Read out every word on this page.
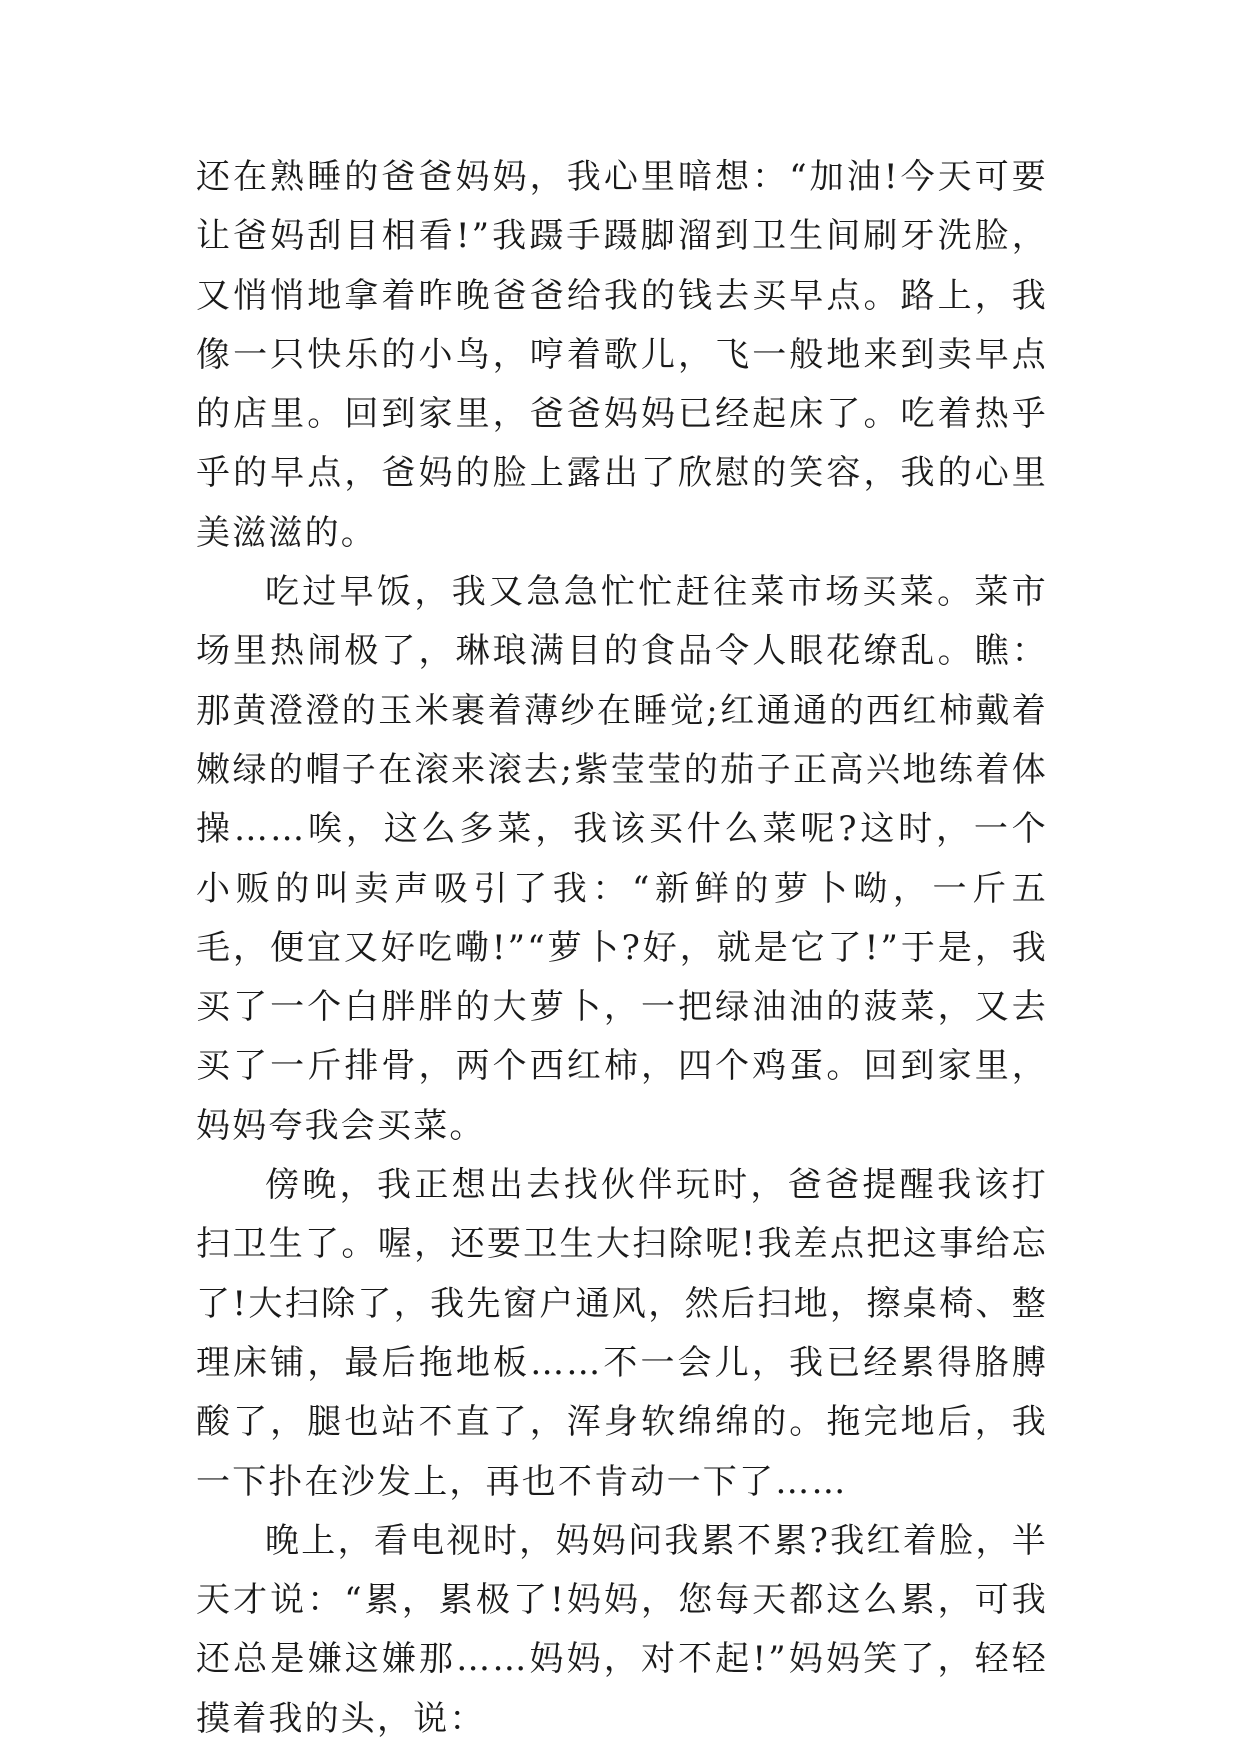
还在熟睡的爸爸妈妈，我心里暗想：“加油!今天可要让爸妈刮目相看!”我蹑手蹑脚溜到卫生间刷牙洗脸，又悄悄地拿着昨晚爸爸给我的钱去买早点。路上，我像一只快乐的小鸟，哼着歌儿，飞一般地来到卖早点的店里。回到家里，爸爸妈妈已经起床了。吃着热乎乎的早点，爸妈的脸上露出了欣慰的笑容，我的心里美滋滋的。

吃过早饭，我又急急忙忙赶往菜市场买菜。菜市场里热闹极了，琳琅满目的食品令人眼花缭乱。瞧：那黄澄澄的玉米裹着薄纱在睡觉;红通通的西红柿戴着嫩绿的帽子在滚来滚去;紫莹莹的茄子正高兴地练着体操……唉，这么多菜，我该买什么菜呢?这时，一个小贩的叫卖声吸引了我：“新鲜的萝卜呦，一斤五毛，便宜又好吃嘞!”“萝卜?好，就是它了!”于是，我买了一个白胖胖的大萝卜，一把绿油油的菠菜，又去买了一斤排骨，两个西红柿，四个鸡蛋。回到家里，妈妈夸我会买菜。

傍晚，我正想出去找伙伴玩时，爸爸提醒我该打扫卫生了。喔，还要卫生大扫除呢!我差点把这事给忘了!大扫除了，我先窗户通风，然后扫地，擦桌椅、整理床铺，最后拖地板……不一会儿，我已经累得胳膊酸了，腿也站不直了，浑身软绵绵的。拖完地后，我一下扑在沙发上，再也不肯动一下了……

晚上，看电视时，妈妈问我累不累?我红着脸，半天才说：“累，累极了!妈妈，您每天都这么累，可我还总是嫌这嫌那……妈妈，对不起!”妈妈笑了，轻轻摸着我的头，说：
